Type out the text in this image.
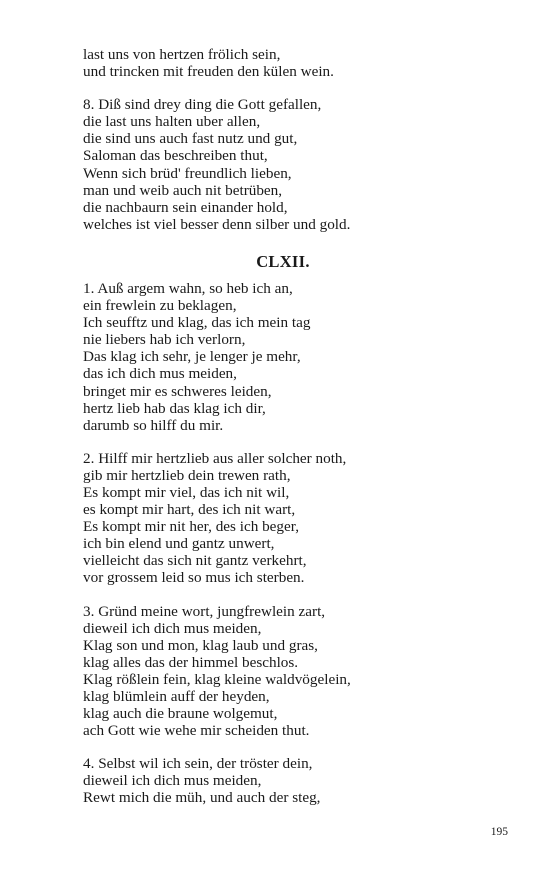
last uns von hertzen frölich sein,
und trincken mit freuden den külen wein.
8. Diß sind drey ding die Gott gefallen,
die last uns halten uber allen,
die sind uns auch fast nutz und gut,
Saloman das beschreiben thut,
Wenn sich brüd' freundlich lieben,
man und weib auch nit betrüben,
die nachbaurn sein einander hold,
welches ist viel besser denn silber und gold.
CLXII.
1. Auß argem wahn, so heb ich an,
ein frewlein zu beklagen,
Ich seufftz und klag, das ich mein tag
nie liebers hab ich verlorn,
Das klag ich sehr, je lenger je mehr,
das ich dich mus meiden,
bringet mir es schweres leiden,
hertz lieb hab das klag ich dir,
darumb so hilff du mir.
2. Hilff mir hertzlieb aus aller solcher noth,
gib mir hertzlieb dein trewen rath,
Es kompt mir viel, das ich nit wil,
es kompt mir hart, des ich nit wart,
Es kompt mir nit her, des ich beger,
ich bin elend und gantz unwert,
vielleicht das sich nit gantz verkehrt,
vor grossem leid so mus ich sterben.
3. Gründ meine wort, jungfrewlein zart,
dieweil ich dich mus meiden,
Klag son und mon, klag laub und gras,
klag alles das der himmel beschlos.
Klag rößlein fein, klag kleine waldvögelein,
klag blümlein auff der heyden,
klag auch die braune wolgemut,
ach Gott wie wehe mir scheiden thut.
4. Selbst wil ich sein, der tröster dein,
dieweil ich dich mus meiden,
Rewt mich die müh, und auch der steg,
195
